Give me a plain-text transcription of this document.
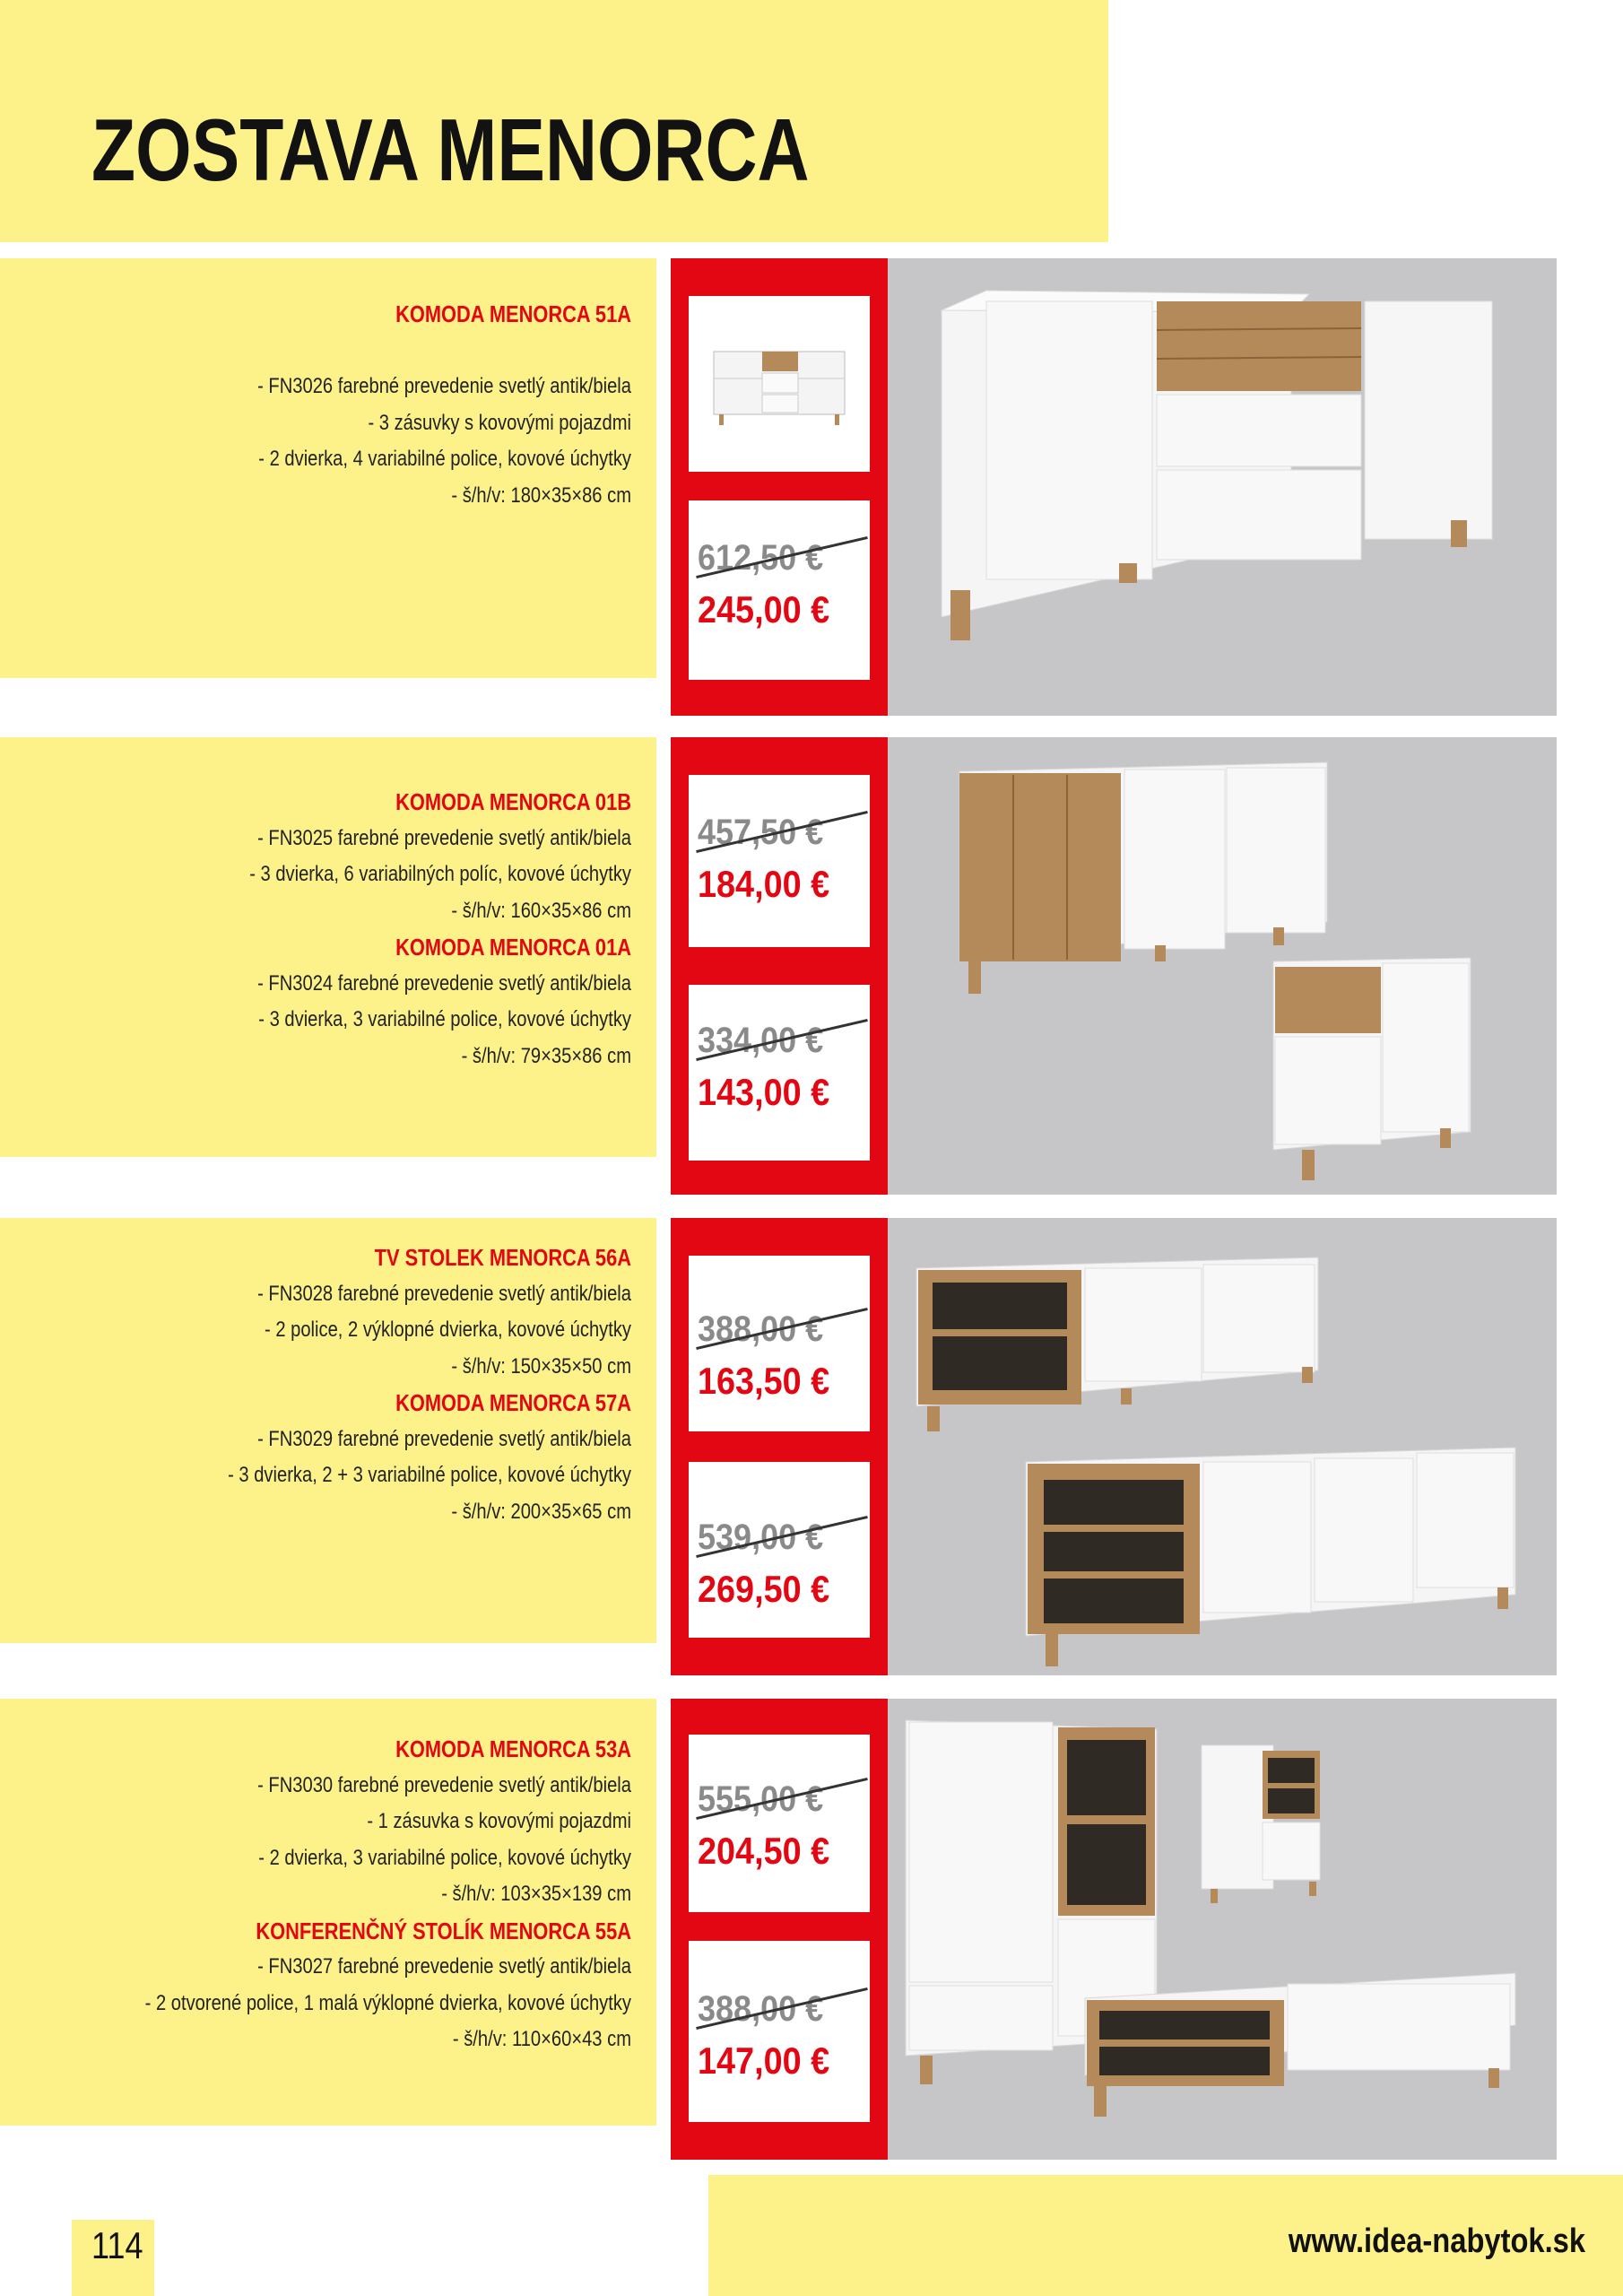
ZOSTAVA MENORCA
KOMODA MENORCA 51A

- FN3026 farebné prevedenie svetlý antik/biela
- 3 zásuvky s kovovými pojazdmi
- 2 dvierka, 4 variabilné police, kovové úchytky
- š/h/v: 180×35×86 cm
612,50 €
245,00 €
KOMODA MENORCA 01B
- FN3025 farebné prevedenie svetlý antik/biela
- 3 dvierka, 6 variabilných políc, kovové úchytky
- š/h/v: 160×35×86 cm
KOMODA MENORCA 01A
- FN3024 farebné prevedenie svetlý antik/biela
- 3 dvierka, 3 variabilné police, kovové úchytky
- š/h/v: 79×35×86 cm
457,50 €
184,00 €
334,00 €
143,00 €
TV STOLEK MENORCA 56A
- FN3028 farebné prevedenie svetlý antik/biela
- 2 police, 2 výklopné dvierka, kovové úchytky
- š/h/v: 150×35×50 cm
KOMODA MENORCA 57A
- FN3029 farebné prevedenie svetlý antik/biela
- 3 dvierka, 2 + 3 variabilné police, kovové úchytky
- š/h/v: 200×35×65 cm
388,00 €
163,50 €
539,00 €
269,50 €
KOMODA MENORCA 53A
- FN3030 farebné prevedenie svetlý antik/biela
- 1 zásuvka s kovovými pojazdmi
- 2 dvierka, 3 variabilné police, kovové úchytky
- š/h/v: 103×35×139 cm
KONFERENČNÝ STOLÍK MENORCA 55A
- FN3027 farebné prevedenie svetlý antik/biela
- 2 otvorené police, 1 malá výklopné dvierka, kovové úchytky
- š/h/v: 110×60×43 cm
555,00 €
204,50 €
388,00 €
147,00 €
www.idea-nabytok.sk
114
